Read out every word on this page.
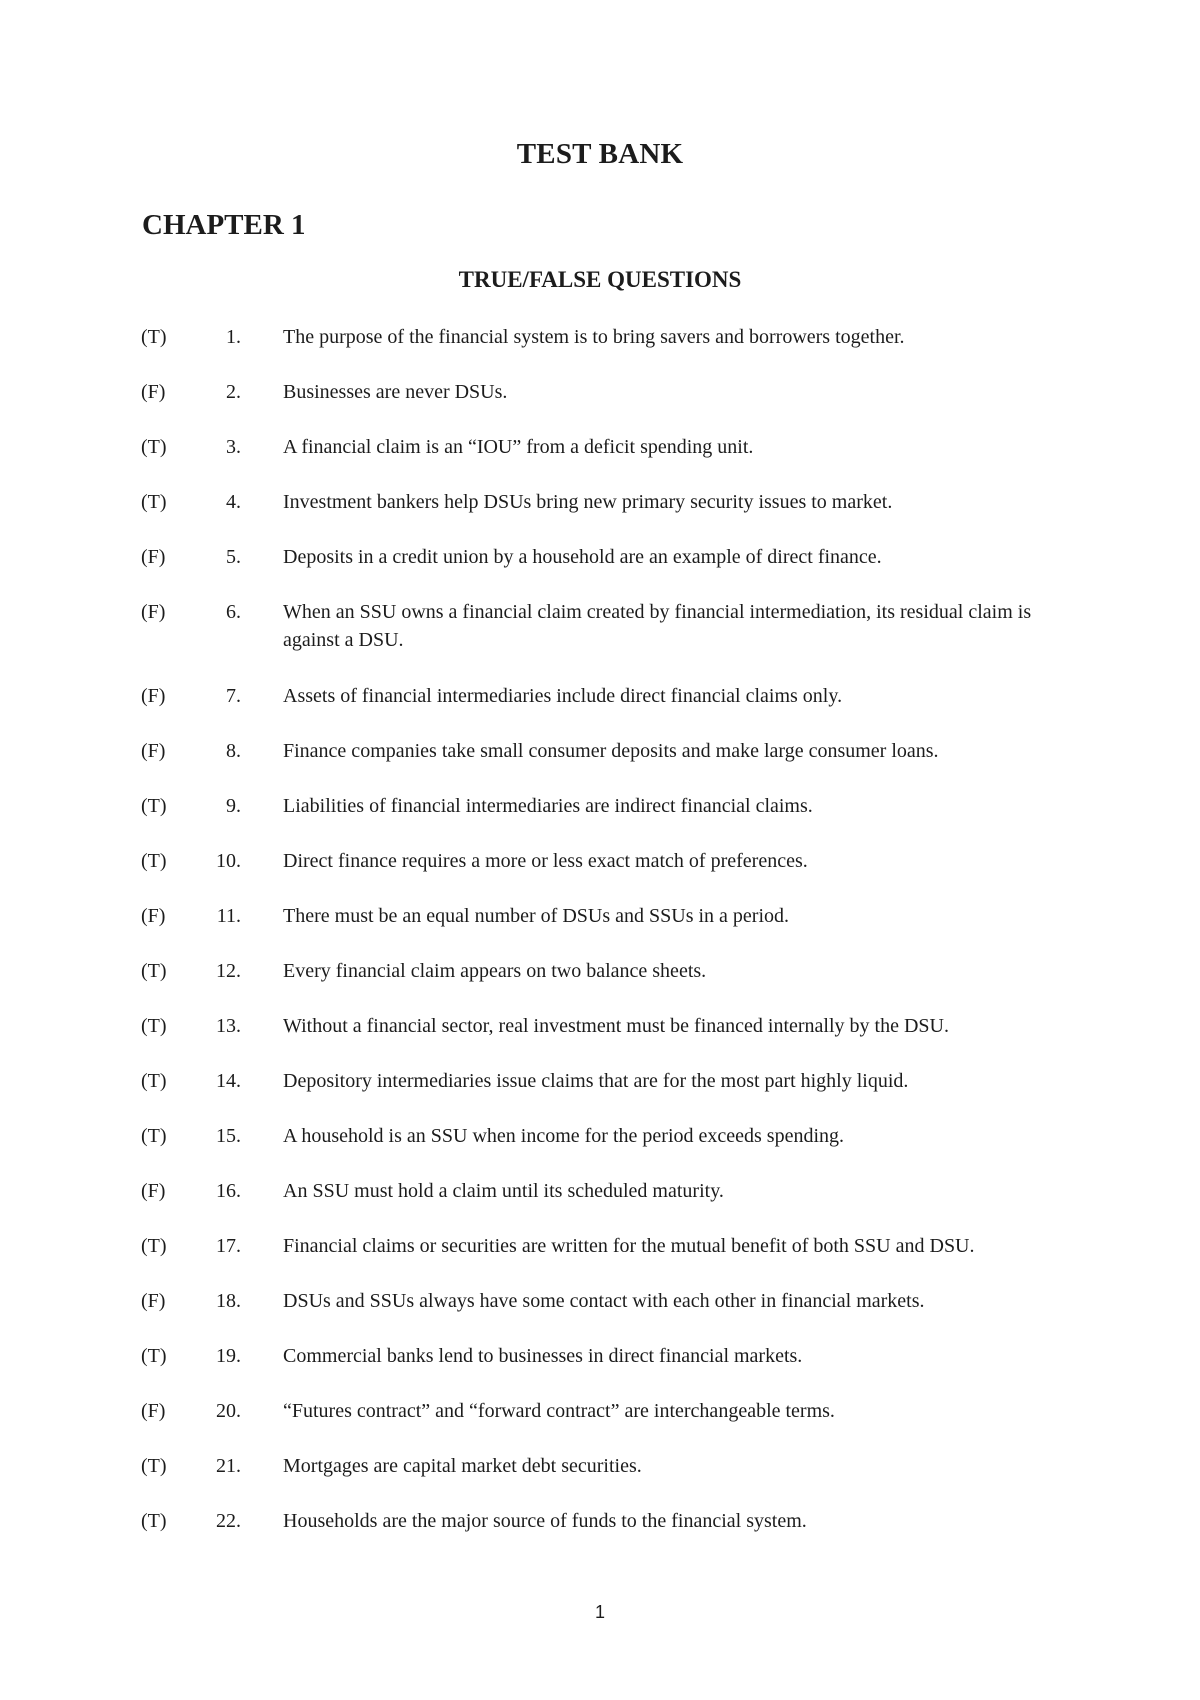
TEST BANK
CHAPTER 1
TRUE/FALSE QUESTIONS
(T)	1. The purpose of the financial system is to bring savers and borrowers together.
(F)	2. Businesses are never DSUs.
(T)	3. A financial claim is an “IOU” from a deficit spending unit.
(T)	4. Investment bankers help DSUs bring new primary security issues to market.
(F)	5. Deposits in a credit union by a household are an example of direct finance.
(F)	6. When an SSU owns a financial claim created by financial intermediation, its residual claim is against a DSU.
(F)	7. Assets of financial intermediaries include direct financial claims only.
(F)	8. Finance companies take small consumer deposits and make large consumer loans.
(T)	9. Liabilities of financial intermediaries are indirect financial claims.
(T)	10. Direct finance requires a more or less exact match of preferences.
(F)	11. There must be an equal number of DSUs and SSUs in a period.
(T)	12. Every financial claim appears on two balance sheets.
(T)	13. Without a financial sector, real investment must be financed internally by the DSU.
(T)	14. Depository intermediaries issue claims that are for the most part highly liquid.
(T)	15. A household is an SSU when income for the period exceeds spending.
(F)	16. An SSU must hold a claim until its scheduled maturity.
(T)	17. Financial claims or securities are written for the mutual benefit of both SSU and DSU.
(F)	18. DSUs and SSUs always have some contact with each other in financial markets.
(T)	19. Commercial banks lend to businesses in direct financial markets.
(F)	20. “Futures contract” and “forward contract” are interchangeable terms.
(T)	21. Mortgages are capital market debt securities.
(T)	22. Households are the major source of funds to the financial system.
1
